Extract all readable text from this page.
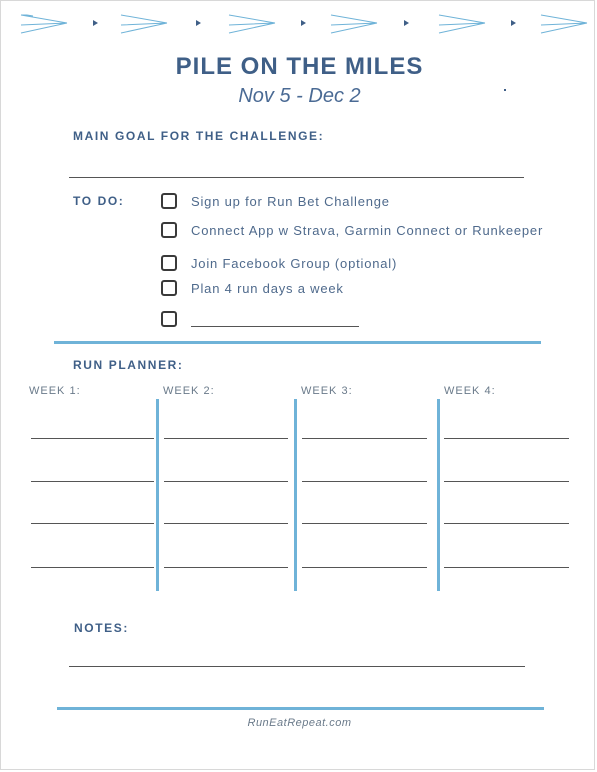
PILE ON THE MILES
Nov 5 - Dec 2
MAIN GOAL FOR THE CHALLENGE:
TO DO:	Sign up for Run Bet Challenge
Connect App w Strava, Garmin Connect or Runkeeper
Join Facebook Group (optional)
Plan 4 run days a week
RUN PLANNER:
WEEK 1:	WEEK 2:	WEEK 3:	WEEK 4:
NOTES:
RunEatRepeat.com
